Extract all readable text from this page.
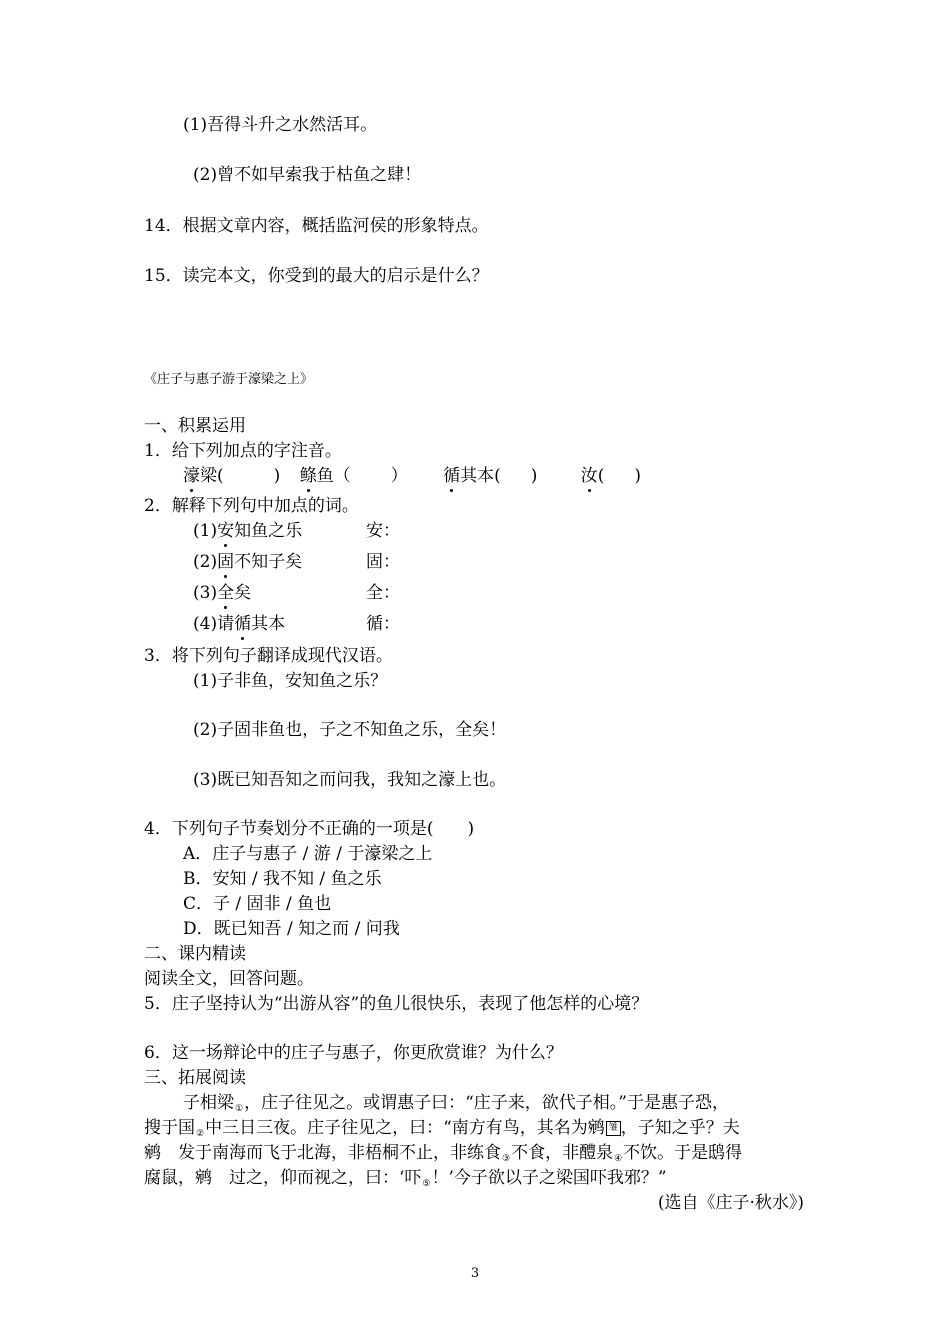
(1)吾得斗升之水然活耳。
(2)曾不如早索我于枯鱼之肆！
14．根据文章内容，概括监河侯的形象特点。
15．读完本文，你受到的最大的启示是什么？
《庄子与惠子游于濠梁之上》
一、积累运用
1．给下列加点的字注音。
濠梁(	) 鲦鱼（ ） 循其本( )	汝( )
2．解释下列句中加点的词。
(1)安知鱼之乐	安：
(2)固不知子矣	固：
(3)全矣	全：
(4)请循其本	循：
3．将下列句子翻译成现代汉语。
(1)子非鱼，安知鱼之乐？
(2)子固非鱼也，子之不知鱼之乐，全矣！
(3)既已知吾知之而问我，我知之濠上也。
4．下列句子节奏划分不正确的一项是(　　)
A．庄子与惠子 / 游 / 于濠梁之上
B．安知 / 我不知 / 鱼之乐
C．子 / 固非 / 鱼也
D．既已知吾 / 知之而 / 问我
二、课内精读
阅读全文，回答问题。
5．庄子坚持认为“出游从容”的鱼儿很快乐，表现了他怎样的心境？
6．这一场辩论中的庄子与惠子，你更欣赏谁？为什么？
三、拓展阅读
子相梁①，庄子往见之。或谓惠子曰：“庄子来，欲代子相。”于是惠子恐，
搜于国②中三日三夜。庄子往见之，曰：“南方有鸟，其名为鹓 雏 ，子知之乎？夫
鹓　发于南海而飞于北海，非梧桐不止，非练食③不食，非醴泉④不饮。于是鸱得
腐鼠，鹓　过之，仰而视之，曰：‘吓⑤！’今子欲以子之梁国吓我邪？”
(选自《庄子·秋水》)
3
